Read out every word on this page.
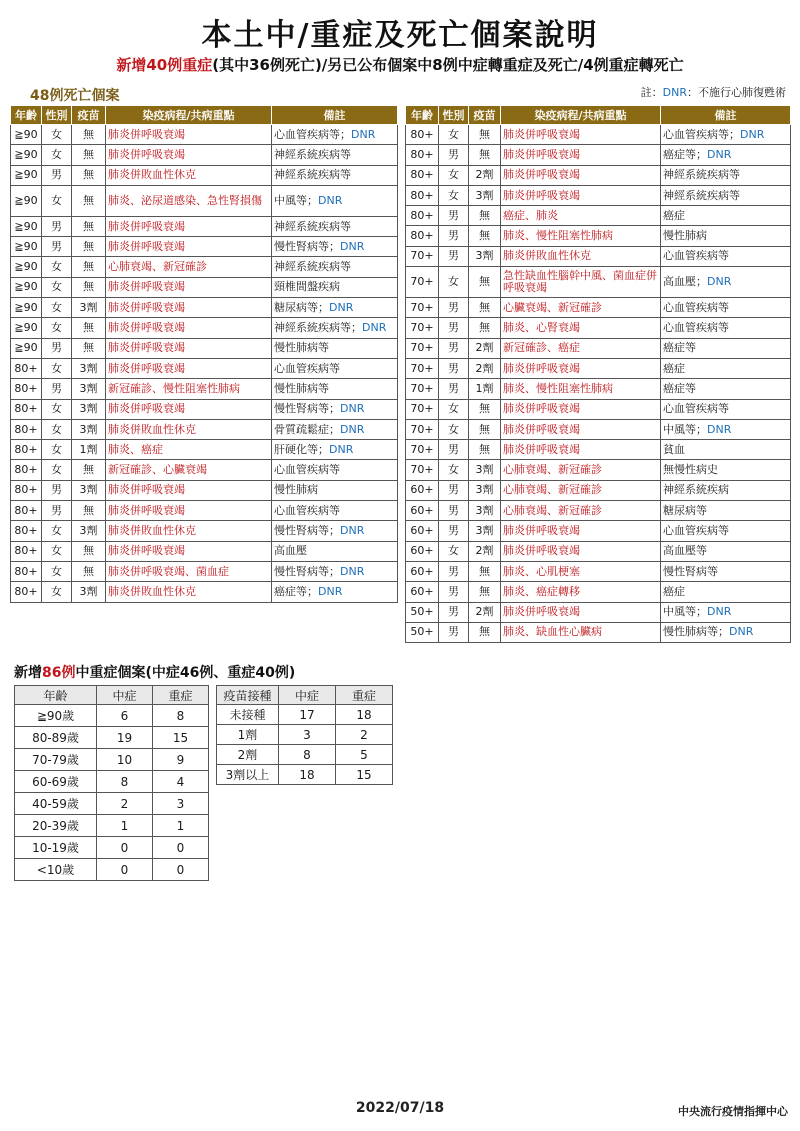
本土中/重症及死亡個案說明
新增40例重症(其中36例死亡)/另已公布個案中8例中症轉重症及死亡/4例重症轉死亡
48例死亡個案	註：DNR：不施行心肺復甦術
年齡	性別	疫苗	染疫病程/共病重點	備註
≧90	女	無	肺炎併呼吸衰竭	心血管疾病等；DNR
≧90	女	無	肺炎併呼吸衰竭	神經系統疾病等
≧90	男	無	肺炎併敗血性休克	神經系統疾病等
≧90	女	無	肺炎、泌尿道感染、急性腎損傷	中風等；DNR
≧90	男	無	肺炎併呼吸衰竭	神經系統疾病等
≧90	男	無	肺炎併呼吸衰竭	慢性腎病等；DNR
≧90	女	無	心肺衰竭、新冠確診	神經系統疾病等
≧90	女	無	肺炎併呼吸衰竭	頸椎間盤疾病
≧90	女	3劑	肺炎併呼吸衰竭	糖尿病等；DNR
≧90	女	無	肺炎併呼吸衰竭	神經系統疾病等；DNR
≧90	男	無	肺炎併呼吸衰竭	慢性肺病等
80+	女	3劑	肺炎併呼吸衰竭	心血管疾病等
80+	男	3劑	新冠確診、慢性阻塞性肺病	慢性肺病等
80+	女	3劑	肺炎併呼吸衰竭	慢性腎病等；DNR
80+	女	3劑	肺炎併敗血性休克	骨質疏鬆症；DNR
80+	女	1劑	肺炎、癌症	肝硬化等；DNR
80+	女	無	新冠確診、心臟衰竭	心血管疾病等
80+	男	3劑	肺炎併呼吸衰竭	慢性肺病
80+	男	無	肺炎併呼吸衰竭	心血管疾病等
80+	女	3劑	肺炎併敗血性休克	慢性腎病等；DNR
80+	女	無	肺炎併呼吸衰竭	高血壓
80+	女	無	肺炎併呼吸衰竭、菌血症	慢性腎病等；DNR
80+	女	3劑	肺炎併敗血性休克	癌症等；DNR
年齡	性別	疫苗	染疫病程/共病重點	備註
80+	女	無	肺炎併呼吸衰竭	心血管疾病等；DNR
80+	男	無	肺炎併呼吸衰竭	癌症等；DNR
80+	女	2劑	肺炎併呼吸衰竭	神經系統疾病等
80+	女	3劑	肺炎併呼吸衰竭	神經系統疾病等
80+	男	無	癌症、肺炎	癌症
80+	男	無	肺炎、慢性阻塞性肺病	慢性肺病
70+	男	3劑	肺炎併敗血性休克	心血管疾病等
70+	女	無	急性缺血性腦幹中風、菌血症併呼吸衰竭	高血壓；DNR
70+	男	無	心臟衰竭、新冠確診	心血管疾病等
70+	男	無	肺炎、心腎衰竭	心血管疾病等
70+	男	2劑	新冠確診、癌症	癌症等
70+	男	2劑	肺炎併呼吸衰竭	癌症
70+	男	1劑	肺炎、慢性阻塞性肺病	癌症等
70+	女	無	肺炎併呼吸衰竭	心血管疾病等
70+	女	無	肺炎併呼吸衰竭	中風等；DNR
70+	男	無	肺炎併呼吸衰竭	貧血
70+	女	3劑	心肺衰竭、新冠確診	無慢性病史
60+	男	3劑	心肺衰竭、新冠確診	神經系統疾病
60+	男	3劑	心肺衰竭、新冠確診	糖尿病等
60+	男	3劑	肺炎併呼吸衰竭	心血管疾病等
60+	女	2劑	肺炎併呼吸衰竭	高血壓等
60+	男	無	肺炎、心肌梗塞	慢性腎病等
60+	男	無	肺炎、癌症轉移	癌症
50+	男	2劑	肺炎併呼吸衰竭	中風等；DNR
50+	男	無	肺炎、缺血性心臟病	慢性肺病等；DNR
新增86例中重症個案(中症46例、重症40例)
年齡	中症	重症
≧90歲	6	8
80-89歲	19	15
70-79歲	10	9
60-69歲	8	4
40-59歲	2	3
20-39歲	1	1
10-19歲	0	0
<10歲	0	0
疫苗接種	中症	重症
未接種	17	18
1劑	3	2
2劑	8	5
3劑以上	18	15
2022/07/18	中央流行疫情指揮中心
